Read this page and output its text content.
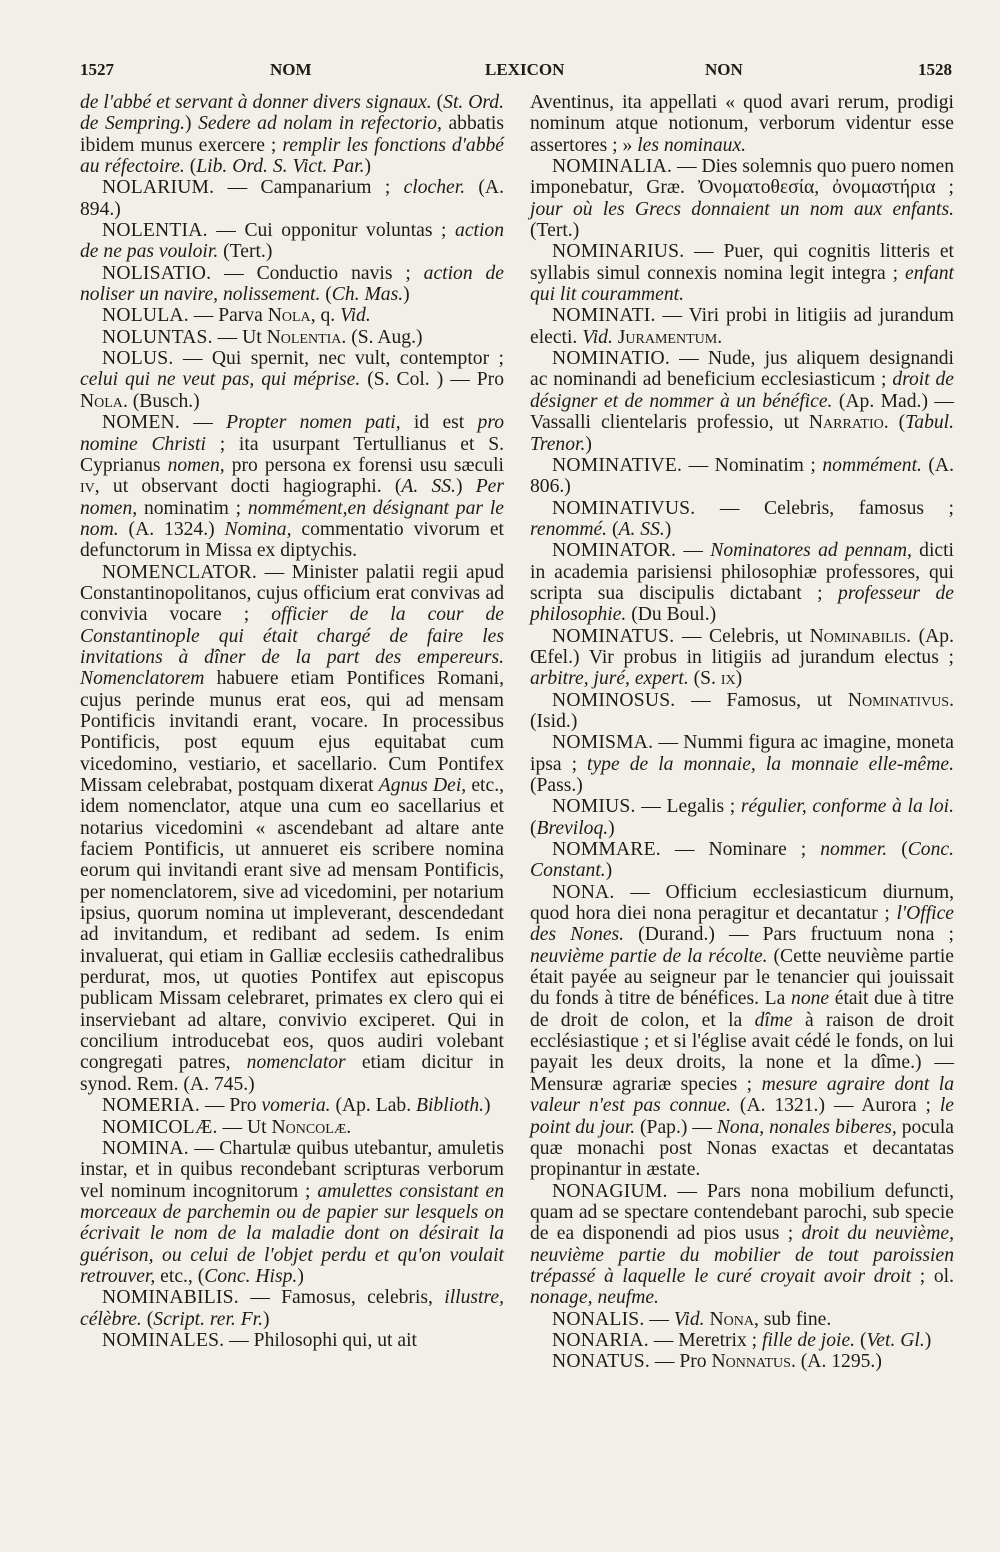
1527	NOM	LEXICON	NON	1528

de l'abbé et servant à donner divers signaux. (St. Ord. de Sempring.) Sedere ad nolam in refectorio, abbatis ibidem munus exercere ; remplir les fonctions d'abbé au réfectoire. (Lib. Ord. S. Vict. Par.)

NOLARIUM. — Campanarium ; clocher. (A. 894.)

NOLENTIA. — Cui opponitur voluntas ; action de ne pas vouloir. (Tert.)

NOLISATIO. — Conductio navis ; action de noliser un navire, nolissement. (Ch. Mas.)

NOLULA. — Parva Nola, q. Vid.

NOLUNTAS. — Ut Nolentia. (S. Aug.)

NOLUS. — Qui spernit, nec vult, contemptor ; celui qui ne veut pas, qui méprise. (S. Col. ) — Pro Nola. (Busch.)

NOMEN. — Propter nomen pati, id est pro nomine Christi ; ita usurpant Tertullianus et S. Cyprianus nomen, pro persona ex forensi usu sæculi iv, ut observant docti hagiographi. (A. SS.) Per nomen, nominatim ; nommément,en désignant par le nom. (A. 1324.) Nomina, commentatio vivorum et defunctorum in Missa ex diptychis.

NOMENCLATOR. — Minister palatii regii apud Constantinopolitanos, cujus officium erat convivas ad convivia vocare ; officier de la cour de Constantinople qui était chargé de faire les invitations à dîner de la part des empereurs. Nomenclatorem habuere etiam Pontifices Romani, cujus perinde munus erat eos, qui ad mensam Pontificis invitandi erant, vocare. In processibus Pontificis, post equum ejus equitabat cum vicedomino, vestiario, et sacellario. Cum Pontifex Missam celebrabat, postquam dixerat Agnus Dei, etc., idem nomenclator, atque una cum eo sacellarius et notarius vicedomini « ascendebant ad altare ante faciem Pontificis, ut annueret eis scribere nomina eorum qui invitandi erant sive ad mensam Pontificis, per nomenclatorem, sive ad vicedomini, per notarium ipsius, quorum nomina ut impleverant, descendedant ad invitandum, et redibant ad sedem. Is enim invaluerat, qui etiam in Galliæ ecclesiis cathedralibus perdurat, mos, ut quoties Pontifex aut episcopus publicam Missam celebraret, primates ex clero qui ei inserviebant ad altare, convivio exciperet. Qui in concilium introducebat eos, quos audiri volebant congregati patres, nomenclator etiam dicitur in synod. Rem. (A. 745.)

NOMERIA. — Pro vomeria. (Ap. Lab. Biblioth.)

NOMICOLÆ. — Ut Noncolæ.

NOMINA. — Chartulæ quibus utebantur, amuletis instar, et in quibus recondebant scripturas verborum vel nominum incognitorum ; amulettes consistant en morceaux de parchemin ou de papier sur lesquels on écrivait le nom de la maladie dont on désirait la guérison, ou celui de l'objet perdu et qu'on voulait retrouver, etc., (Conc. Hisp.)

NOMINABILIS. — Famosus, celebris, illustre, célèbre. (Script. rer. Fr.)

NOMINALES. — Philosophi qui, ut ait

Aventinus, ita appellati « quod avari rerum, prodigi nominum atque notionum, verborum videntur esse assertores ; » les nominaux.

NOMINALIA. — Dies solemnis quo puero nomen imponebatur, Græ. Ὀνοματοθεσία, ὀνομαστήρια ; jour où les Grecs donnaient un nom aux enfants. (Tert.)

NOMINARIUS. — Puer, qui cognitis litteris et syllabis simul connexis nomina legit integra ; enfant qui lit couramment.

NOMINATI. — Viri probi in litigiis ad jurandum electi. Vid. Juramentum.

NOMINATIO. — Nude, jus aliquem designandi ac nominandi ad beneficium ecclesiasticum ; droit de désigner et de nommer à un bénéfice. (Ap. Mad.) — Vassalli clientelaris professio, ut Narratio. (Tabul. Trenor.)

NOMINATIVE. — Nominatim ; nommément. (A. 806.)

NOMINATIVUS. — Celebris, famosus ; renommé. (A. SS.)

NOMINATOR. — Nominatores ad pennam, dicti in academia parisiensi philosophiæ professores, qui scripta sua discipulis dictabant ; professeur de philosophie. (Du Boul.)

NOMINATUS. — Celebris, ut Nominabilis. (Ap. Œfel.) Vir probus in litigiis ad jurandum electus ; arbitre, juré, expert. (S. ix)

NOMINOSUS. — Famosus, ut Nominativus. (Isid.)

NOMISMA. — Nummi figura ac imagine, moneta ipsa ; type de la monnaie, la monnaie elle-même. (Pass.)

NOMIUS. — Legalis ; régulier, conforme à la loi. (Breviloq.)

NOMMARE. — Nominare ; nommer. (Conc. Constant.)

NONA. — Officium ecclesiasticum diurnum, quod hora diei nona peragitur et decantatur ; l'Office des Nones. (Durand.) — Pars fructuum nona ; neuvième partie de la récolte. (Cette neuvième partie était payée au seigneur par le tenancier qui jouissait du fonds à titre de bénéfices. La none était due à titre de droit de colon, et la dîme à raison de droit ecclésiastique ; et si l'église avait cédé le fonds, on lui payait les deux droits, la none et la dîme.) — Mensuræ agrariæ species ; mesure agraire dont la valeur n'est pas connue. (A. 1321.) — Aurora ; le point du jour. (Pap.) — Nona, nonales biberes, pocula quæ monachi post Nonas exactas et decantatas propinantur in æstate.

NONAGIUM. — Pars nona mobilium defuncti, quam ad se spectare contendebant parochi, sub specie de ea disponendi ad pios usus ; droit du neuvième, neuvième partie du mobilier de tout paroissien trépassé à laquelle le curé croyait avoir droit ; ol. nonage, neufme.

NONALIS. — Vid. Nona, sub fine.

NONARIA. — Meretrix ; fille de joie. (Vet. Gl.)

NONATUS. — Pro Nonnatus. (A. 1295.)
